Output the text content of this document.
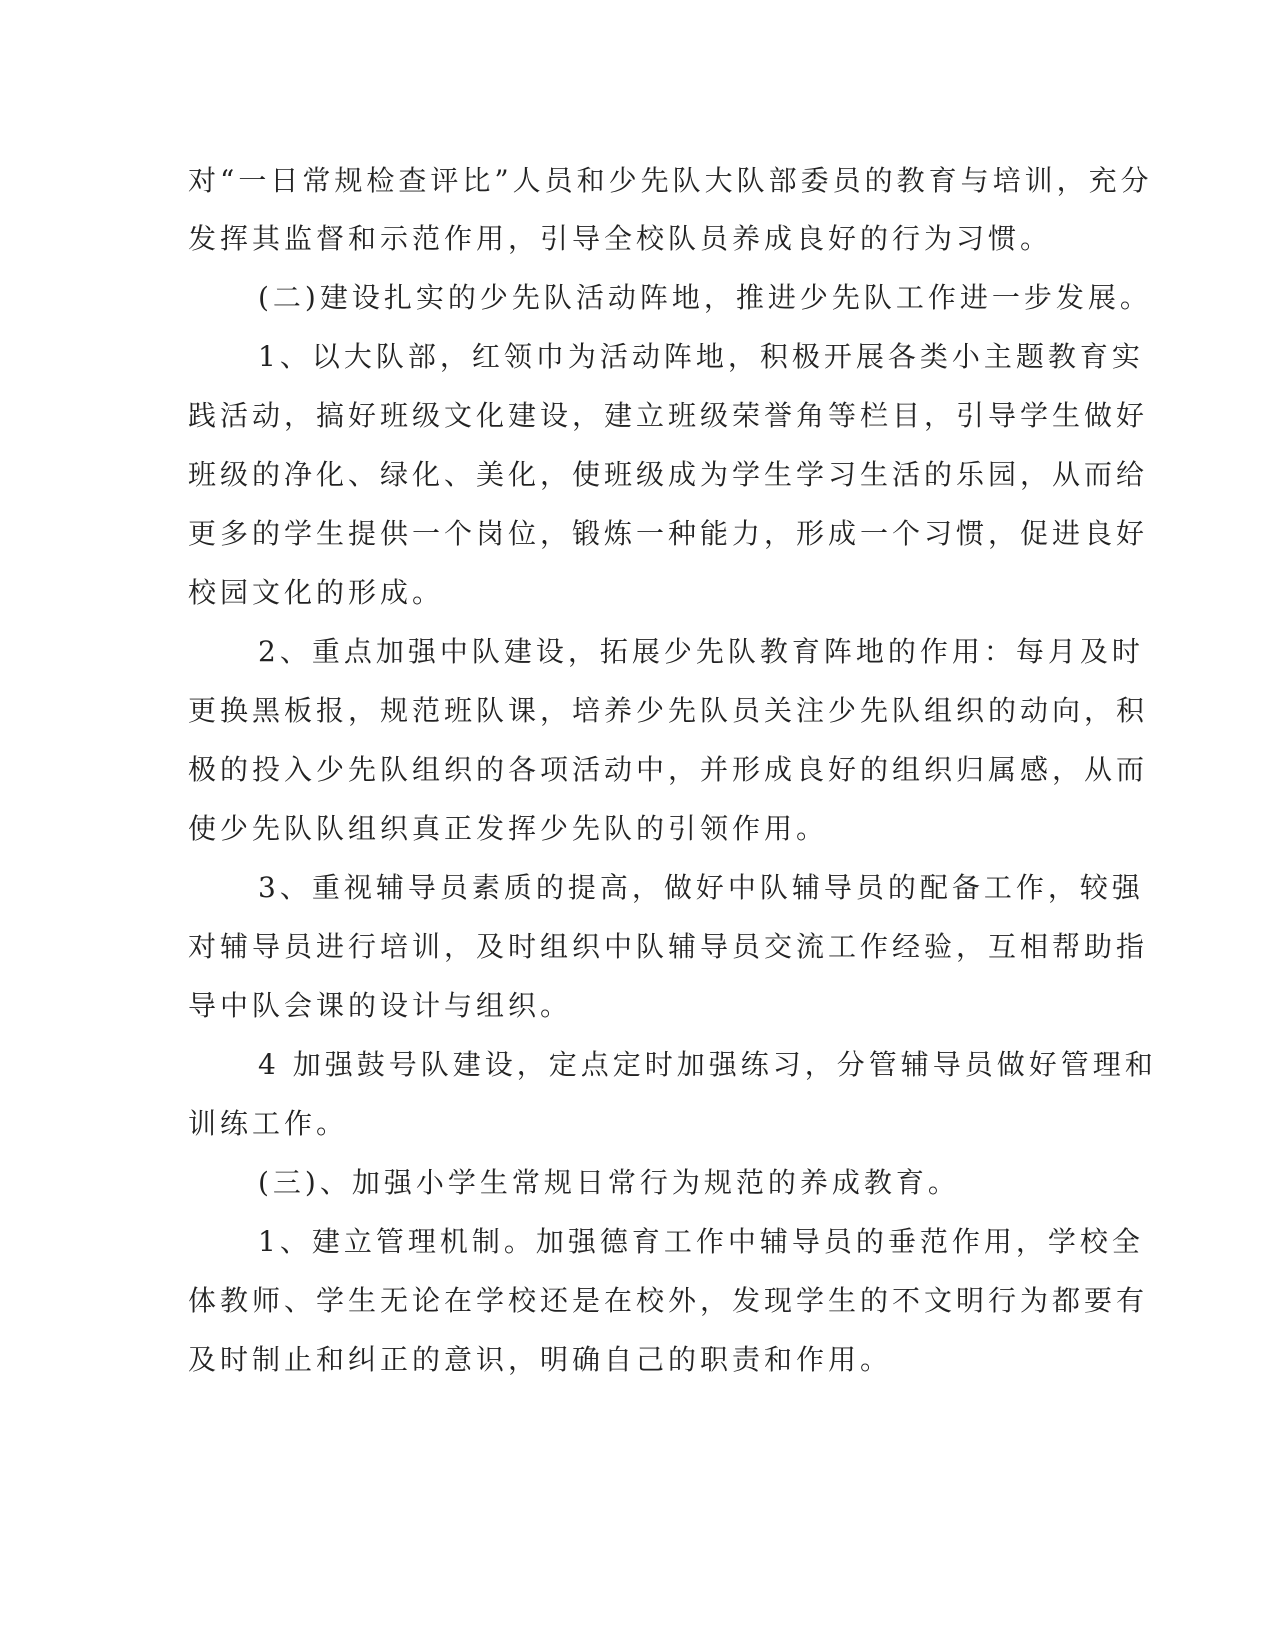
对“一日常规检查评比”人员和少先队大队部委员的教育与培训，充分
发挥其监督和示范作用，引导全校队员养成良好的行为习惯。
(二)建设扎实的少先队活动阵地，推进少先队工作进一步发展。
1、以大队部，红领巾为活动阵地，积极开展各类小主题教育实
践活动，搞好班级文化建设，建立班级荣誉角等栏目，引导学生做好
班级的净化、绿化、美化，使班级成为学生学习生活的乐园，从而给
更多的学生提供一个岗位，锻炼一种能力，形成一个习惯，促进良好
校园文化的形成。
2、重点加强中队建设，拓展少先队教育阵地的作用：每月及时
更换黑板报，规范班队课，培养少先队员关注少先队组织的动向，积
极的投入少先队组织的各项活动中，并形成良好的组织归属感，从而
使少先队队组织真正发挥少先队的引领作用。
3、重视辅导员素质的提高，做好中队辅导员的配备工作，较强
对辅导员进行培训，及时组织中队辅导员交流工作经验，互相帮助指
导中队会课的设计与组织。
4 加强鼓号队建设，定点定时加强练习，分管辅导员做好管理和
训练工作。
(三)、加强小学生常规日常行为规范的养成教育。
1、建立管理机制。加强德育工作中辅导员的垂范作用，学校全
体教师、学生无论在学校还是在校外，发现学生的不文明行为都要有
及时制止和纠正的意识，明确自己的职责和作用。
